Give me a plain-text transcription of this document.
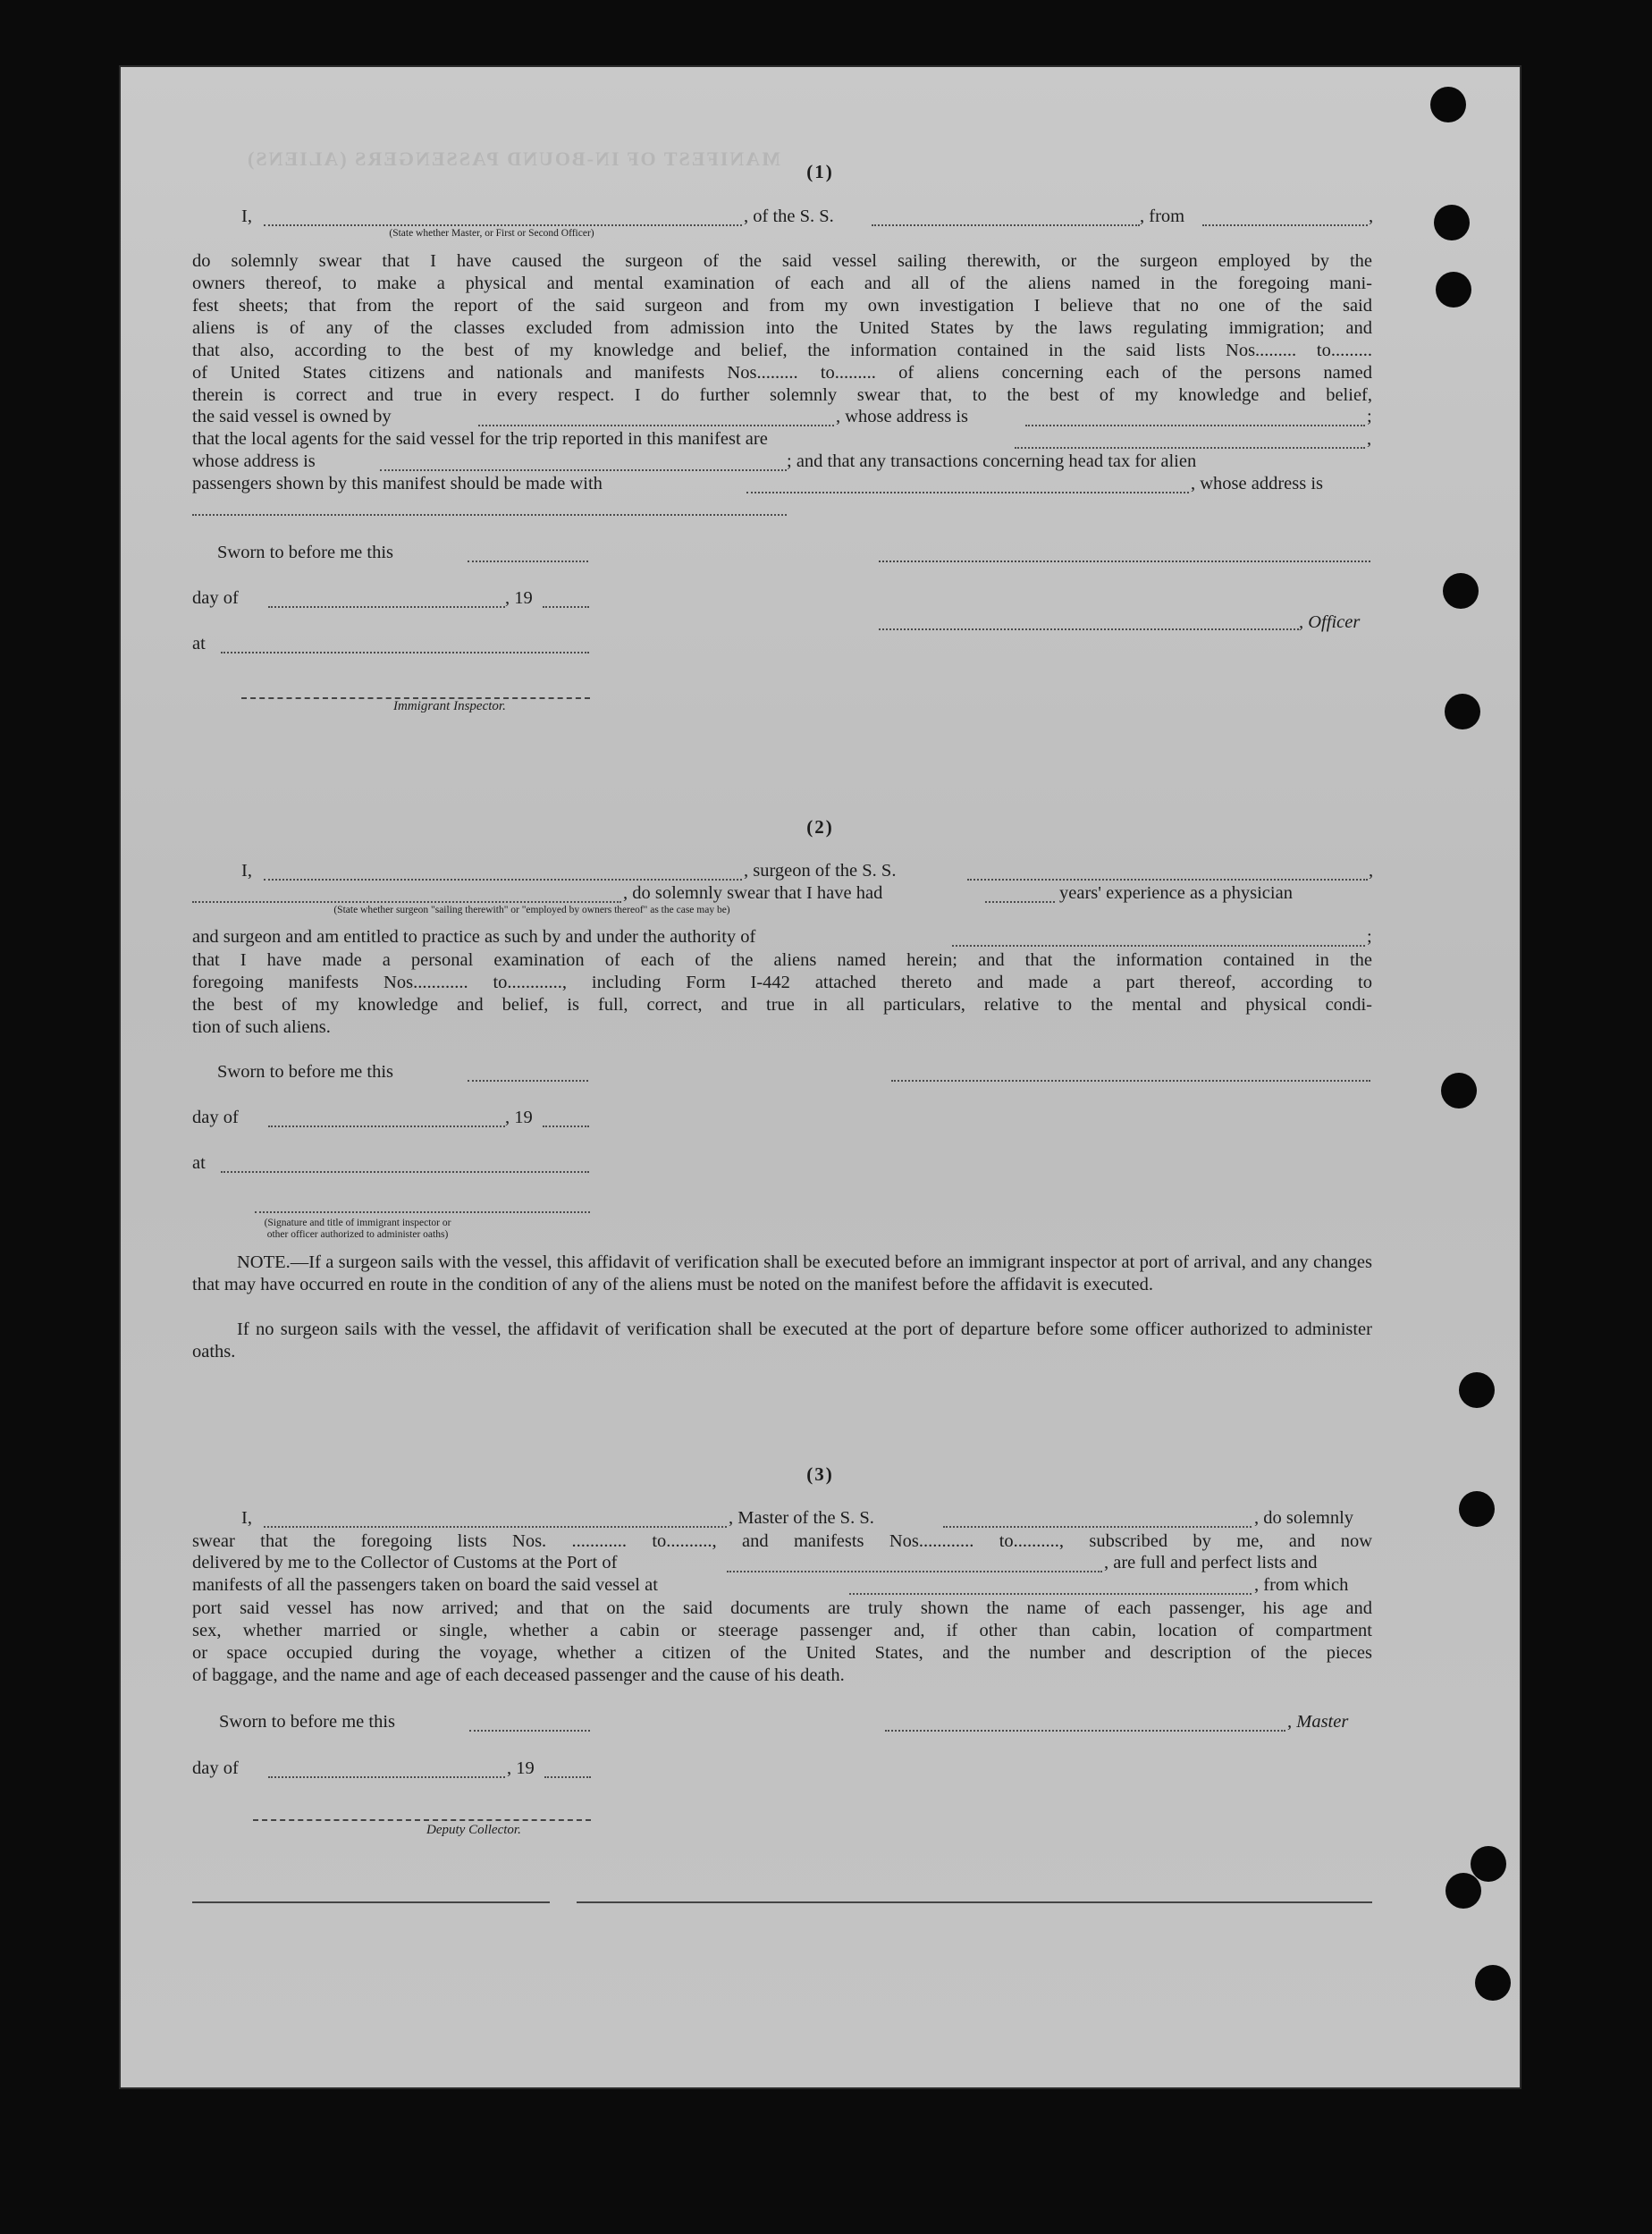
MANIFEST OF IN-BOUND PASSENGERS (ALIENS)
(1)
I,	, of the S. S.	, from	,
(State whether Master, or First or Second Officer)
do solemnly swear that I have caused the surgeon of the said vessel sailing therewith, or the surgeon employed by the
owners thereof, to make a physical and mental examination of each and all of the aliens named in the foregoing mani-
fest sheets; that from the report of the said surgeon and from my own investigation I believe that no one of the said
aliens is of any of the classes excluded from admission into the United States by the laws regulating immigration; and
that also, according to the best of my knowledge and belief, the information contained in the said lists Nos......... to.........
of United States citizens and nationals and manifests Nos......... to......... of aliens concerning each of the persons named
therein is correct and true in every respect. I do further solemnly swear that, to the best of my knowledge and belief,
the said vessel is owned by	, whose address is	;
that the local agents for the said vessel for the trip reported in this manifest are	,
whose address is	; and that any transactions concerning head tax for alien
passengers shown by this manifest should be made with	, whose address is
Sworn to before me this
day of	, 19
, Officer
at
Immigrant Inspector.
(2)
I,	, surgeon of the S. S.	,
, do solemnly swear that I have had	years' experience as a physician
(State whether surgeon "sailing therewith" or "employed by owners thereof" as the case may be)
and surgeon and am entitled to practice as such by and under the authority of	;
that I have made a personal examination of each of the aliens named herein; and that the information contained in the
foregoing manifests Nos............ to............, including Form I-442 attached thereto and made a part thereof, according to
the best of my knowledge and belief, is full, correct, and true in all particulars, relative to the mental and physical condi-
tion of such aliens.
Sworn to before me this
day of	, 19
at
(Signature and title of immigrant inspector or other officer authorized to administer oaths)
NOTE.—If a surgeon sails with the vessel, this affidavit of verification shall be executed before an immigrant inspector at port of arrival, and any changes that may have occurred en route in the condition of any of the aliens must be noted on the manifest before the affidavit is executed.
If no surgeon sails with the vessel, the affidavit of verification shall be executed at the port of departure before some officer authorized to administer oaths.
(3)
I,	, Master of the S. S.	, do solemnly
swear that the foregoing lists Nos. ............ to.........., and manifests Nos............ to.........., subscribed by me, and now
delivered by me to the Collector of Customs at the Port of	, are full and perfect lists and
manifests of all the passengers taken on board the said vessel at	, from which
port said vessel has now arrived; and that on the said documents are truly shown the name of each passenger, his age and
sex, whether married or single, whether a cabin or steerage passenger and, if other than cabin, location of compartment
or space occupied during the voyage, whether a citizen of the United States, and the number and description of the pieces
of baggage, and the name and age of each deceased passenger and the cause of his death.
Sworn to before me this	, Master
day of	, 19
Deputy Collector.
